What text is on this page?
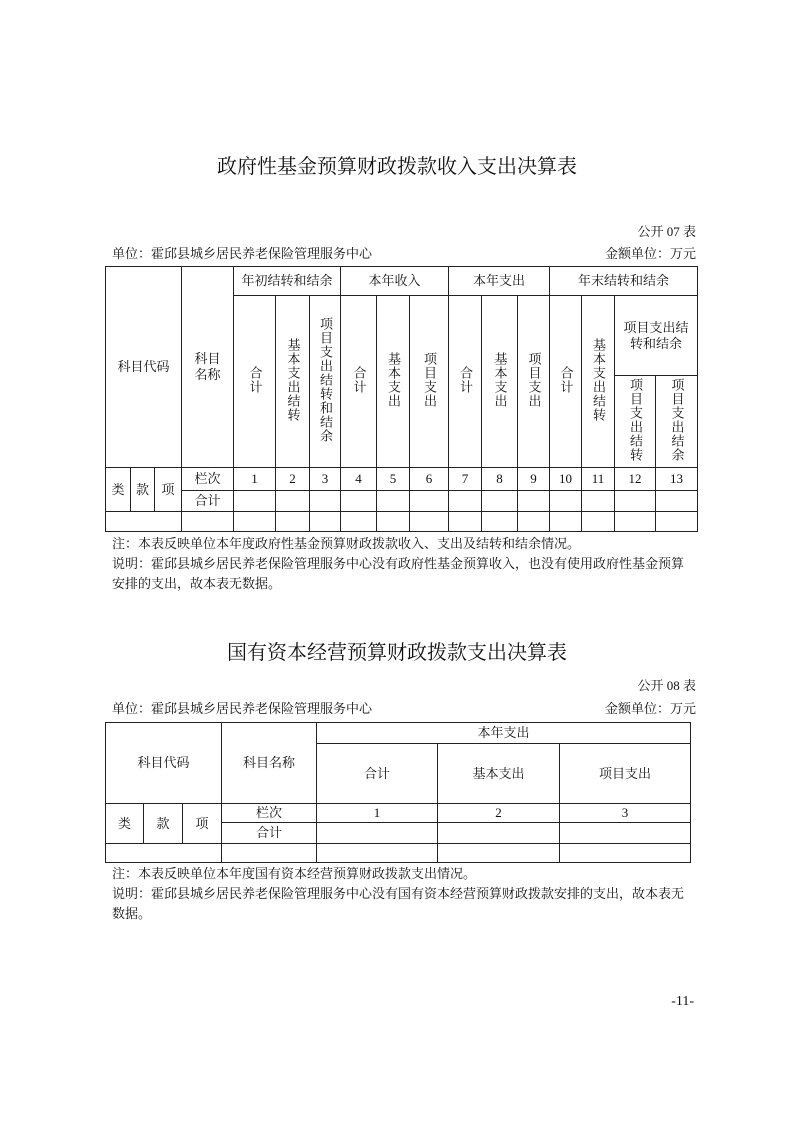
政府性基金预算财政拨款收入支出决算表
公开 07 表
单位：霍邱县城乡居民养老保险管理服务中心	金额单位：万元
科目代码			科目名称	年初结转和结余			本年收入			本年支出			年末结转和结余			
				合计	基本支出结转	项目支出结转和结余	合计	基本支出	项目支出	合计	基本支出	项目支出	合计	基本支出结转	项目支出结转和结余	
															项目支出结转	项目支出结余
类	款	项	栏次	1	2	3	4	5	6	7	8	9	10	11	12	13
			合计													

注：本表反映单位本年度政府性基金预算财政拨款收入、支出及结转和结余情况。
说明：霍邱县城乡居民养老保险管理服务中心没有政府性基金预算收入，也没有使用政府性基金预算安排的支出，故本表无数据。
国有资本经营预算财政拨款支出决算表
公开 08 表
单位：霍邱县城乡居民养老保险管理服务中心	金额单位：万元
科目代码			科目名称	本年支出		
				合计	基本支出	项目支出
类	款	项	栏次	1	2	3
			合计			

注：本表反映单位本年度国有资本经营预算财政拨款支出情况。
说明：霍邱县城乡居民养老保险管理服务中心没有国有资本经营预算财政拨款安排的支出，故本表无数据。
-11-
